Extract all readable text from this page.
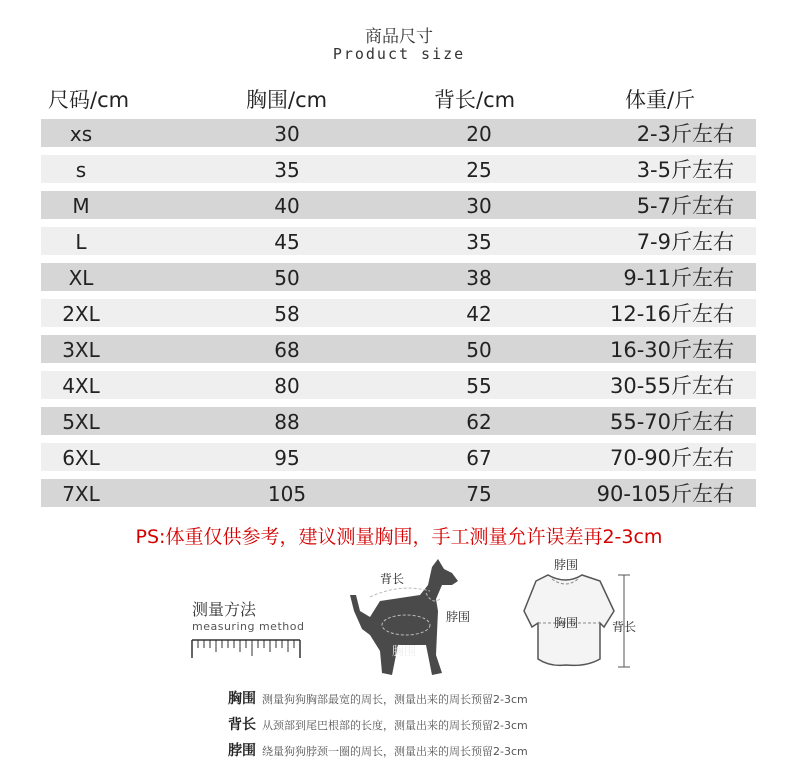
商品尺寸
Product size
尺码/cm	胸围/cm	背长/cm	体重/斤
xs	30	20	2-3斤左右
s	35	25	3-5斤左右
M	40	30	5-7斤左右
L	45	35	7-9斤左右
XL	50	38	9-11斤左右
2XL	58	42	12-16斤左右
3XL	68	50	16-30斤左右
4XL	80	55	30-55斤左右
5XL	88	62	55-70斤左右
6XL	95	67	70-90斤左右
7XL	105	75	90-105斤左右
PS:体重仅供参考，建议测量胸围，手工测量允许误差再2-3cm
测量方法
measuring method
背长
脖围
胸围
脖围
胸围	背长
胸围 测量狗狗胸部最宽的周长，测量出来的周长预留2-3cm
背长 从颈部到尾巴根部的长度，测量出来的周长预留2-3cm
脖围 绕量狗狗脖颈一圈的周长，测量出来的周长预留2-3cm
